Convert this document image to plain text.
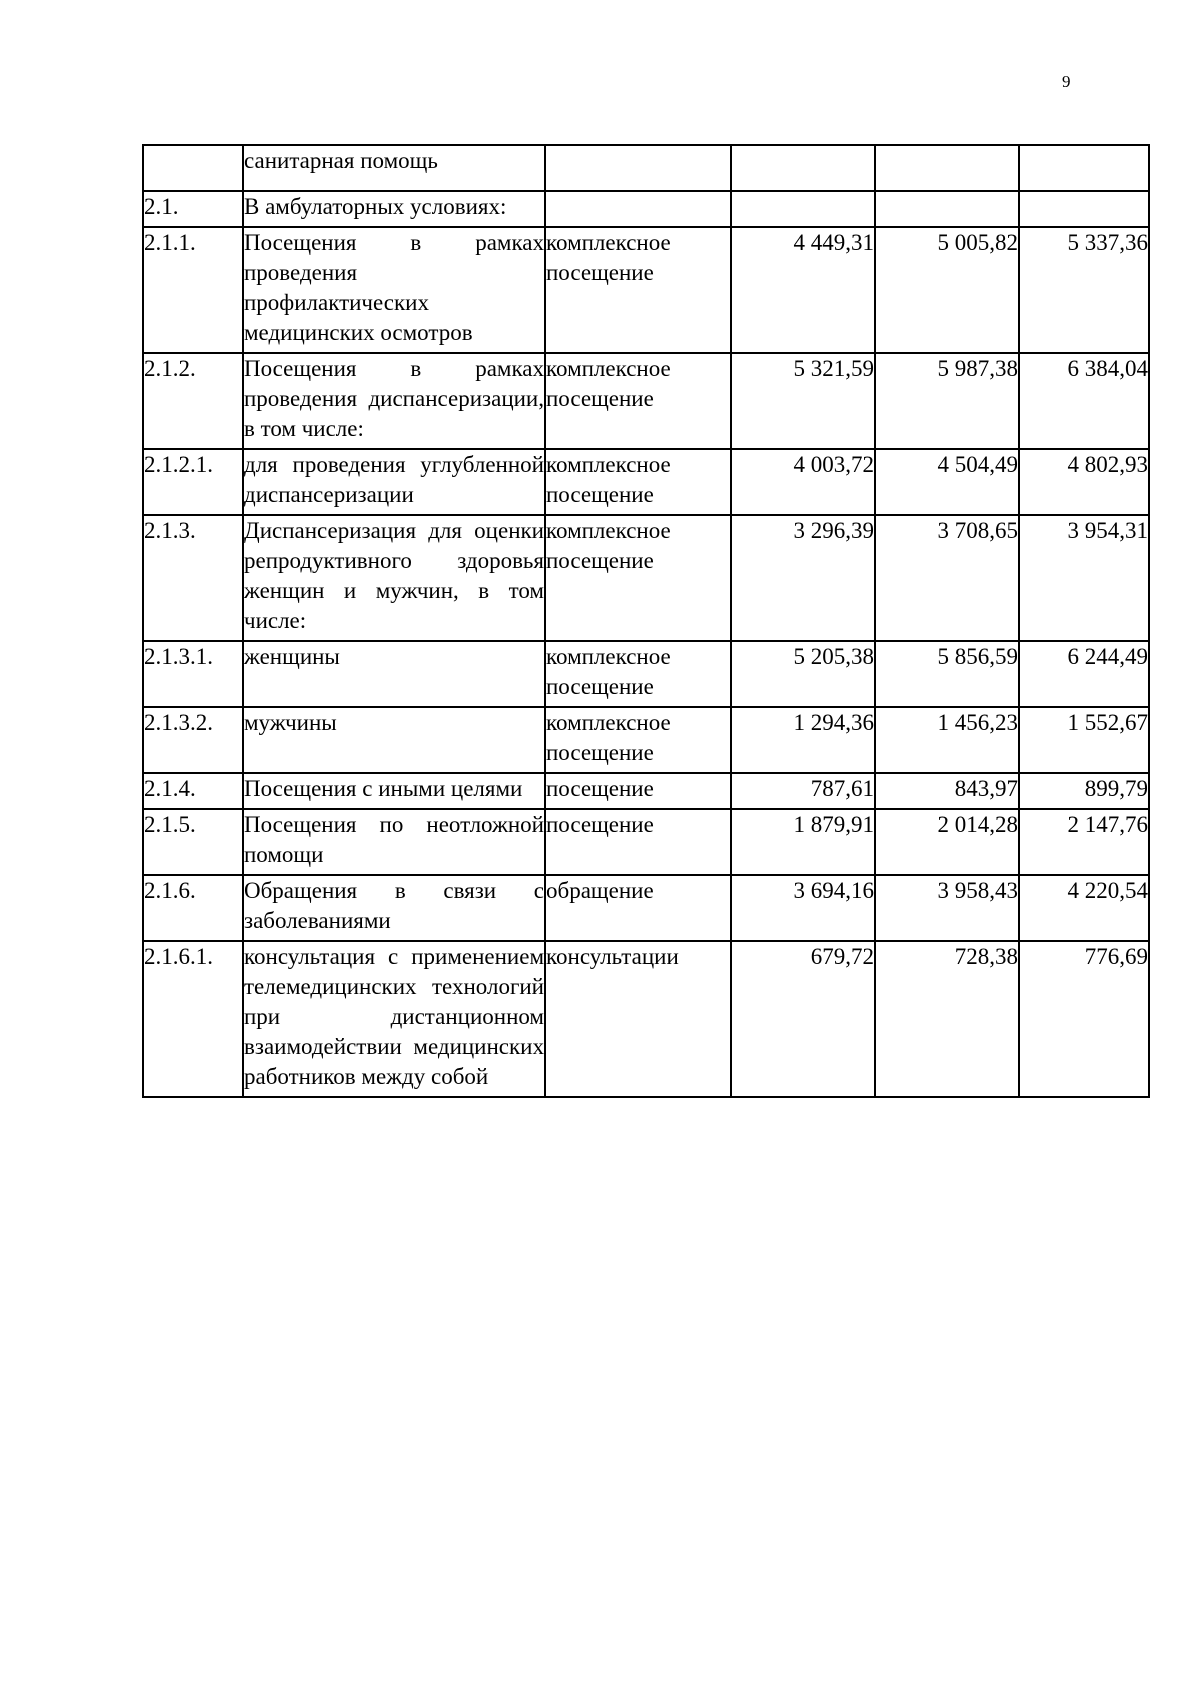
9
	санитарная помощь				
2.1.	В амбулаторных условиях:				
2.1.1.	Посещения в рамках проведения профилактических медицинских осмотров	комплексное посещение	4 449,31	5 005,82	5 337,36
2.1.2.	Посещения в рамках проведения диспансеризации, в том числе:	комплексное посещение	5 321,59	5 987,38	6 384,04
2.1.2.1.	для проведения углубленной диспансеризации	комплексное посещение	4 003,72	4 504,49	4 802,93
2.1.3.	Диспансеризация для оценки репродуктивного здоровья женщин и мужчин, в том числе:	комплексное посещение	3 296,39	3 708,65	3 954,31
2.1.3.1.	женщины	комплексное посещение	5 205,38	5 856,59	6 244,49
2.1.3.2.	мужчины	комплексное посещение	1 294,36	1 456,23	1 552,67
2.1.4.	Посещения с иными целями	посещение	787,61	843,97	899,79
2.1.5.	Посещения по неотложной помощи	посещение	1 879,91	2 014,28	2 147,76
2.1.6.	Обращения в связи с заболеваниями	обращение	3 694,16	3 958,43	4 220,54
2.1.6.1.	консультация с применением телемедицинских технологий при дистанционном взаимодействии медицинских работников между собой	консультации	679,72	728,38	776,69
